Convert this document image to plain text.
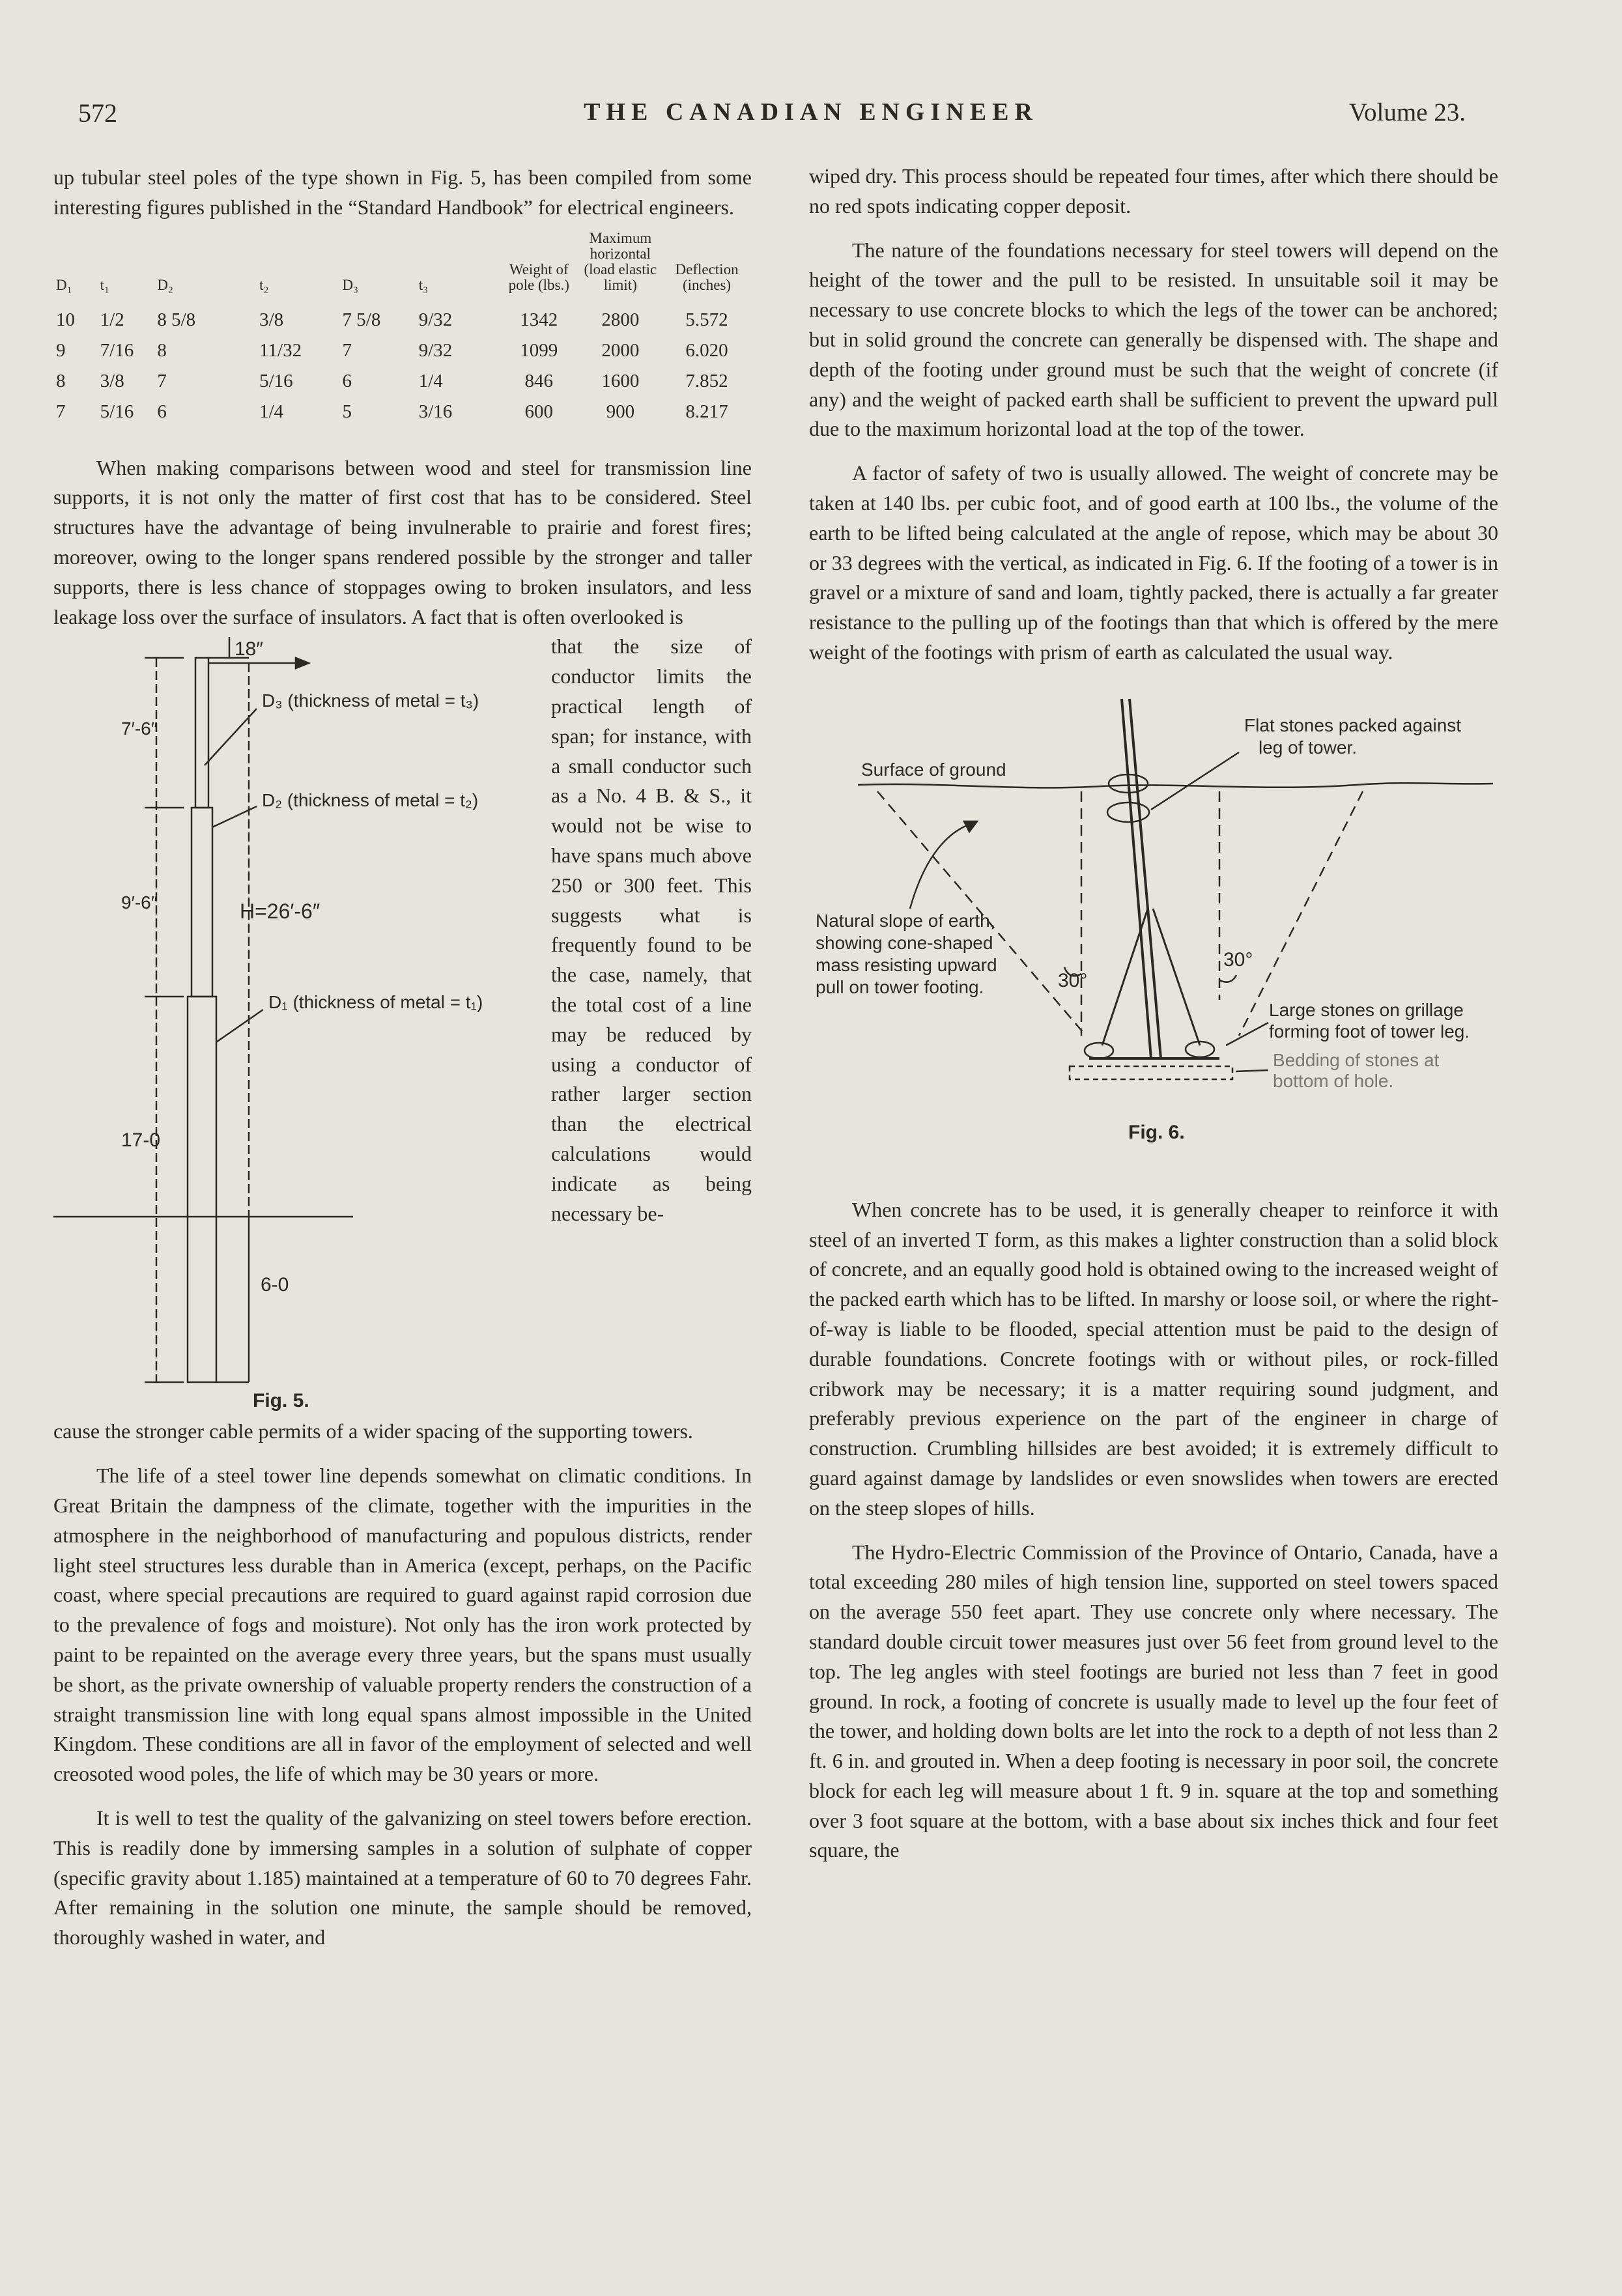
572	THE CANADIAN ENGINEER	Volume 23.

up tubular steel poles of the type shown in Fig. 5, has been compiled from some interesting figures published in the “Standard Handbook” for electrical engineers.

D₁	t₁	D₂	t₂	D₃	t₃	Weight of pole (lbs.)	Maximum horizontal (load elastic limit)	Deflection (inches)
10	1/2	8 5/8	3/8	7 5/8	9/32	1342	2800	5.572
9	7/16	8	11/32	7	9/32	1099	2000	6.020
8	3/8	7	5/16	6	1/4	846	1600	7.852
7	5/16	6	1/4	5	3/16	600	900	8.217

When making comparisons between wood and steel for transmission line supports, it is not only the matter of first cost that has to be considered. Steel structures have the advantage of being invulnerable to prairie and forest fires; moreover, owing to the longer spans rendered possible by the stronger and taller supports, there is less chance of stoppages owing to broken insulators, and less leakage loss over the surface of insulators. A fact that is often overlooked is

18″
D₃ (thickness of metal = t₃)
D₂ (thickness of metal = t₂)
D₁ (thickness of metal = t₁)
H=26′-6″
7′-6″
9′-6″
17-0
6-0
Fig. 5.

that the size of conductor limits the practical length of span; for instance, with a small conductor such as a No. 4 B. & S., it would not be wise to have spans much above 250 or 300 feet. This suggests what is frequently found to be the case, namely, that the total cost of a line may be reduced by using a conductor of rather larger section than the electrical calculations would indicate as being necessary be-

cause the stronger cable permits of a wider spacing of the supporting towers.

The life of a steel tower line depends somewhat on climatic conditions. In Great Britain the dampness of the climate, together with the impurities in the atmosphere in the neighborhood of manufacturing and populous districts, render light steel structures less durable than in America (except, perhaps, on the Pacific coast, where special precautions are required to guard against rapid corrosion due to the prevalence of fogs and moisture). Not only has the iron work protected by paint to be repainted on the average every three years, but the spans must usually be short, as the private ownership of valuable property renders the construction of a straight transmission line with long equal spans almost impossible in the United Kingdom. These conditions are all in favor of the employment of selected and well creosoted wood poles, the life of which may be 30 years or more.

It is well to test the quality of the galvanizing on steel towers before erection. This is readily done by immersing samples in a solution of sulphate of copper (specific gravity about 1.185) maintained at a temperature of 60 to 70 degrees Fahr. After remaining in the solution one minute, the sample should be removed, thoroughly washed in water, and

wiped dry. This process should be repeated four times, after which there should be no red spots indicating copper deposit.

The nature of the foundations necessary for steel towers will depend on the height of the tower and the pull to be resisted. In unsuitable soil it may be necessary to use concrete blocks to which the legs of the tower can be anchored; but in solid ground the concrete can generally be dispensed with. The shape and depth of the footing under ground must be such that the weight of concrete (if any) and the weight of packed earth shall be sufficient to prevent the upward pull due to the maximum horizontal load at the top of the tower.

A factor of safety of two is usually allowed. The weight of concrete may be taken at 140 lbs. per cubic foot, and of good earth at 100 lbs., the volume of the earth to be lifted being calculated at the angle of repose, which may be about 30 or 33 degrees with the vertical, as indicated in Fig. 6. If the footing of a tower is in gravel or a mixture of sand and loam, tightly packed, there is actually a far greater resistance to the pulling up of the footings than that which is offered by the mere weight of the footings with prism of earth as calculated the usual way.

Flat stones packed against
leg of tower.
Surface of ground
Natural slope of earth,
showing cone-shaped
mass resisting upward
pull on tower footing.	30°
30°
Large stones on grillage
forming foot of tower leg.
Bedding of stones at
bottom of hole.
Fig. 6.

When concrete has to be used, it is generally cheaper to reinforce it with steel of an inverted T form, as this makes a lighter construction than a solid block of concrete, and an equally good hold is obtained owing to the increased weight of the packed earth which has to be lifted. In marshy or loose soil, or where the right-of-way is liable to be flooded, special attention must be paid to the design of durable foundations. Concrete footings with or without piles, or rock-filled cribwork may be necessary; it is a matter requiring sound judgment, and preferably previous experience on the part of the engineer in charge of construction. Crumbling hillsides are best avoided; it is extremely difficult to guard against damage by landslides or even snowslides when towers are erected on the steep slopes of hills.

The Hydro-Electric Commission of the Province of Ontario, Canada, have a total exceeding 280 miles of high tension line, supported on steel towers spaced on the average 550 feet apart. They use concrete only where necessary. The standard double circuit tower measures just over 56 feet from ground level to the top. The leg angles with steel footings are buried not less than 7 feet in good ground. In rock, a footing of concrete is usually made to level up the four feet of the tower, and holding down bolts are let into the rock to a depth of not less than 2 ft. 6 in. and grouted in. When a deep footing is necessary in poor soil, the concrete block for each leg will measure about 1 ft. 9 in. square at the top and something over 3 foot square at the bottom, with a base about six inches thick and four feet square, the
